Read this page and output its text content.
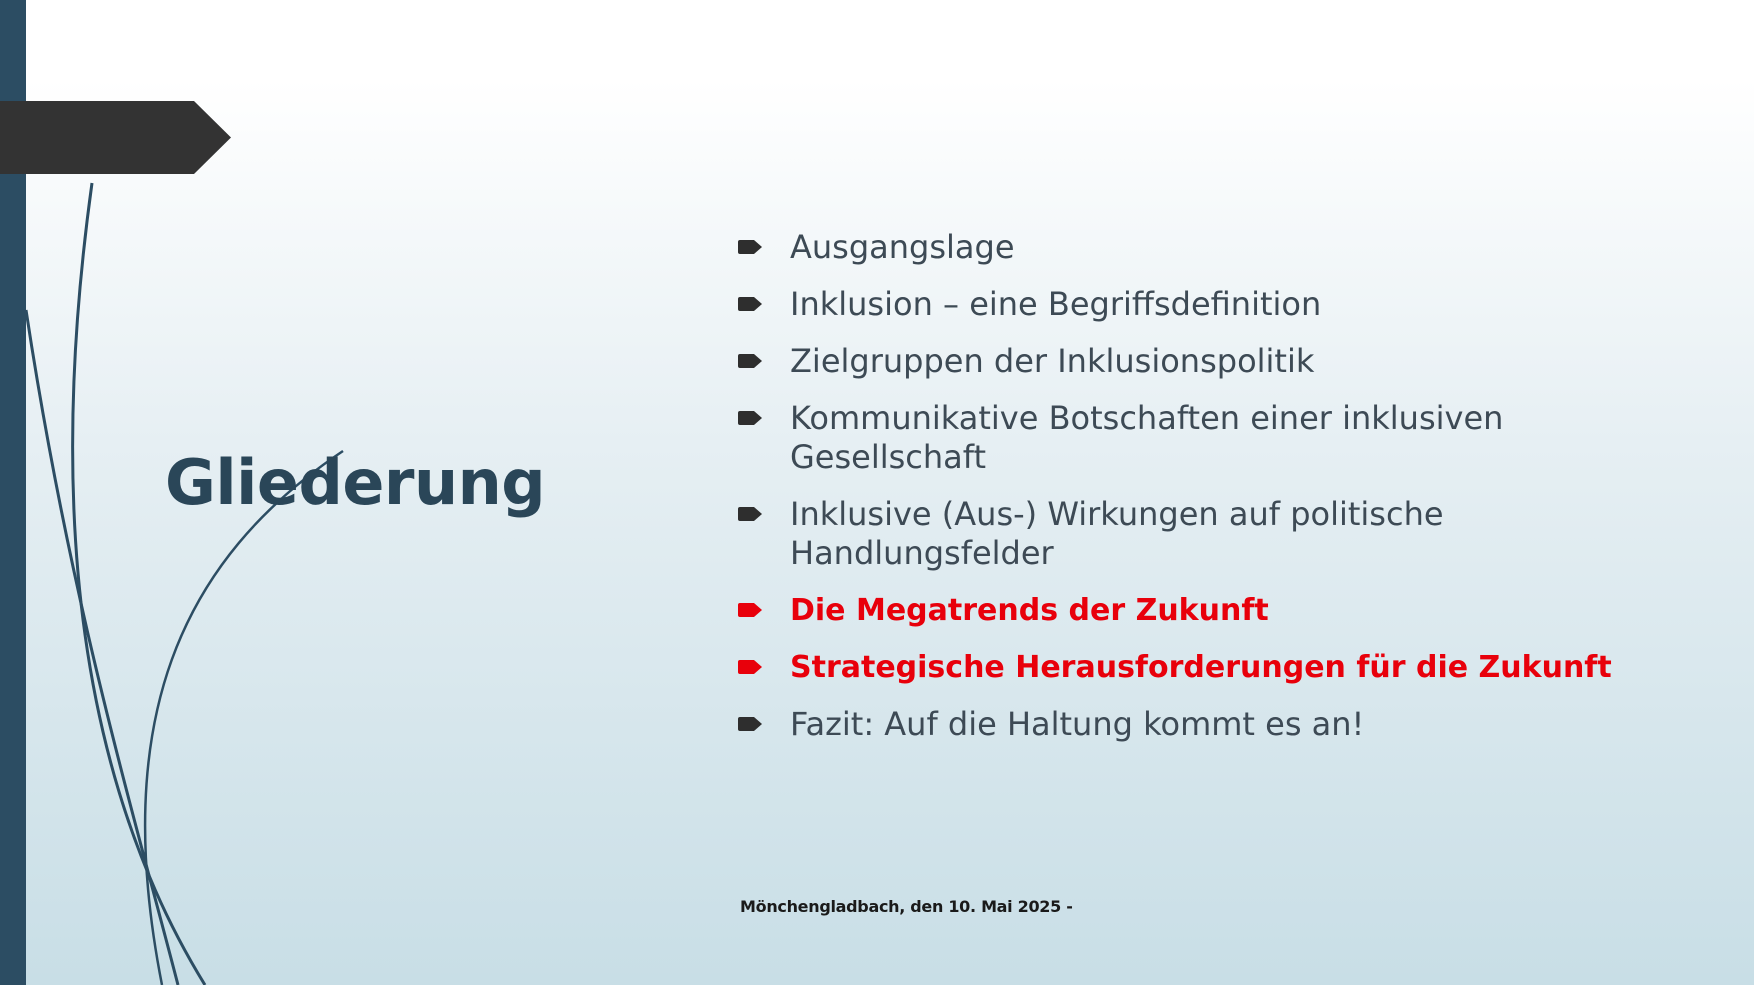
Gliederung
Ausgangslage
Inklusion – eine Begriffsdefinition
Zielgruppen der Inklusionspolitik
Kommunikative Botschaften einer inklusiven Gesellschaft
Inklusive (Aus-) Wirkungen auf politische Handlungsfelder
Die Megatrends der Zukunft
Strategische Herausforderungen für die Zukunft
Fazit: Auf die Haltung kommt es an!
Mönchengladbach, den 10. Mai 2025 -
